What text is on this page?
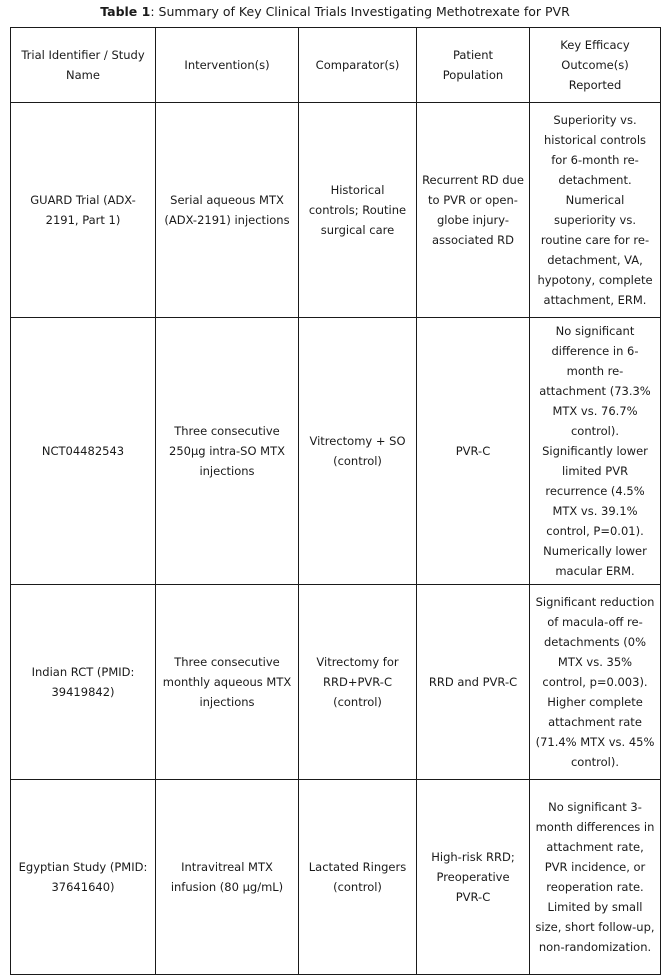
Table 1: Summary of Key Clinical Trials Investigating Methotrexate for PVR
Trial Identifier / Study Name	Intervention(s)	Comparator(s)	Patient Population	Key Efficacy Outcome(s) Reported
GUARD Trial (ADX-2191, Part 1)	Serial aqueous MTX (ADX-2191) injections	Historical controls; Routine surgical care	Recurrent RD due to PVR or open-globe injury-associated RD	Superiority vs. historical controls for 6-month re-detachment. Numerical superiority vs. routine care for re-detachment, VA, hypotony, complete attachment, ERM.
NCT04482543	Three consecutive 250μg intra-SO MTX injections	Vitrectomy + SO (control)	PVR-C	No significant difference in 6-month re-attachment (73.3% MTX vs. 76.7% control). Significantly lower limited PVR recurrence (4.5% MTX vs. 39.1% control, P=0.01). Numerically lower macular ERM.
Indian RCT (PMID: 39419842)	Three consecutive monthly aqueous MTX injections	Vitrectomy for RRD+PVR-C (control)	RRD and PVR-C	Significant reduction of macula-off re-detachments (0% MTX vs. 35% control, p=0.003). Higher complete attachment rate (71.4% MTX vs. 45% control).
Egyptian Study (PMID: 37641640)	Intravitreal MTX infusion (80 μg/mL)	Lactated Ringers (control)	High-risk RRD; Preoperative PVR-C	No significant 3-month differences in attachment rate, PVR incidence, or reoperation rate. Limited by small size, short follow-up, non-randomization.
